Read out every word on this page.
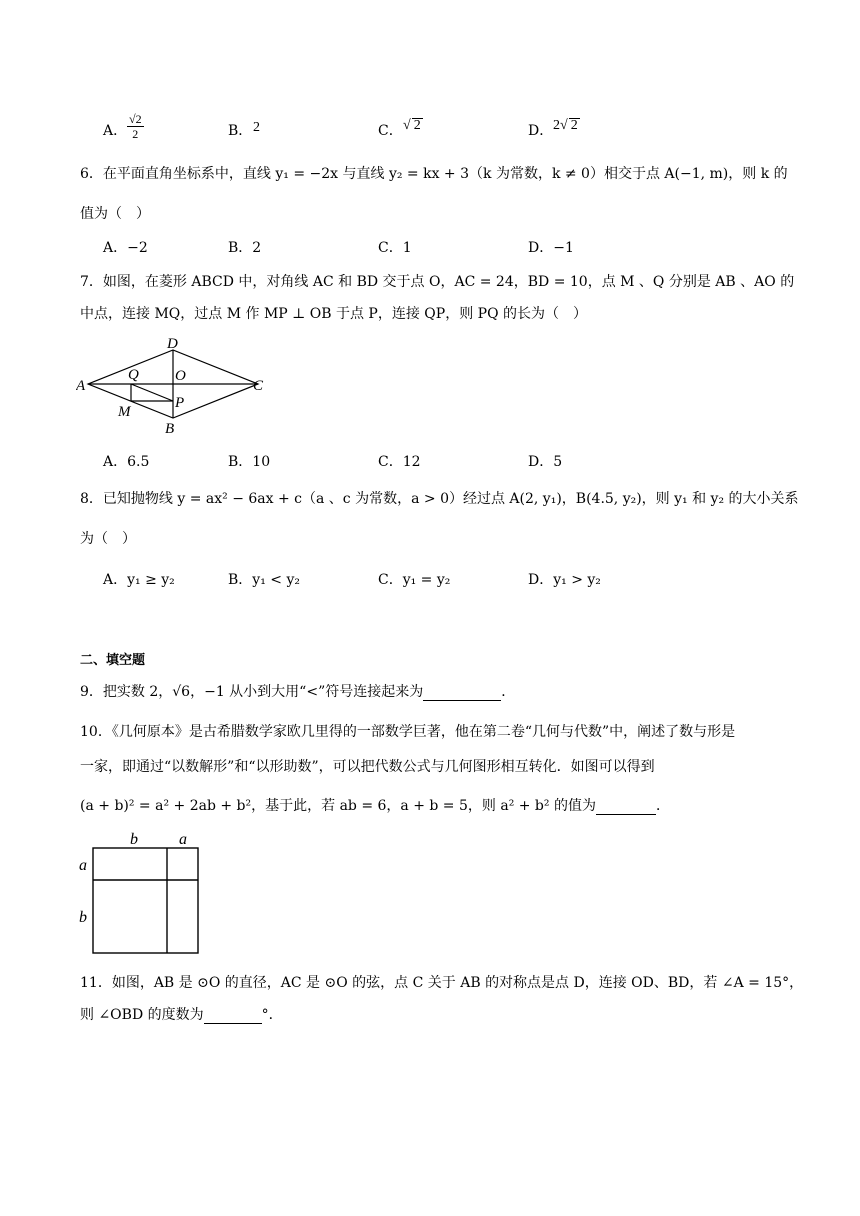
A． $\frac{√2}{2}$	B． 2	C． √ 2	D． 2√ 2
6．在平面直角坐标系中，直线 y₁ = −2x 与直线 y₂ = kx + 3（k 为常数，k ≠ 0）相交于点 A(−1, m)，则 k 的
值为（　）
A．−2	B．2	C．1	D．−1
7．如图，在菱形 ABCD 中，对角线 AC 和 BD 交于点 O，AC = 24，BD = 10，点 M 、Q 分别是 AB 、AO 的
中点，连接 MQ，过点 M 作 MP ⊥ OB 于点 P，连接 QP，则 PQ 的长为（　）
A
D
C
B
O
Q
M
P
A．6.5	B．10	C．12	D．5
8．已知抛物线 y = ax² − 6ax + c（a 、c 为常数，a > 0）经过点 A(2, y₁)，B(4.5, y₂)，则 y₁ 和 y₂ 的大小关系
为（　）
A．y₁ ≥ y₂	B．y₁ < y₂	C．y₁ = y₂	D．y₁ > y₂
二、填空题
9．把实数 2，√6，−1 从小到大用“<”符号连接起来为	．
10．《几何原本》是古希腊数学家欧几里得的一部数学巨著，他在第二卷“几何与代数”中，阐述了数与形是
一家，即通过“以数解形”和“以形助数”，可以把代数公式与几何图形相互转化．如图可以得到
(a + b)² = a² + 2ab + b²，基于此，若 ab = 6，a + b = 5，则 a² + b² 的值为	．
b	a
a
b
11．如图，AB 是 ⊙O 的直径，AC 是 ⊙O 的弦，点 C 关于 AB 的对称点是点 D，连接 OD、BD，若 ∠A = 15°，
则 ∠OBD 的度数为	°．
